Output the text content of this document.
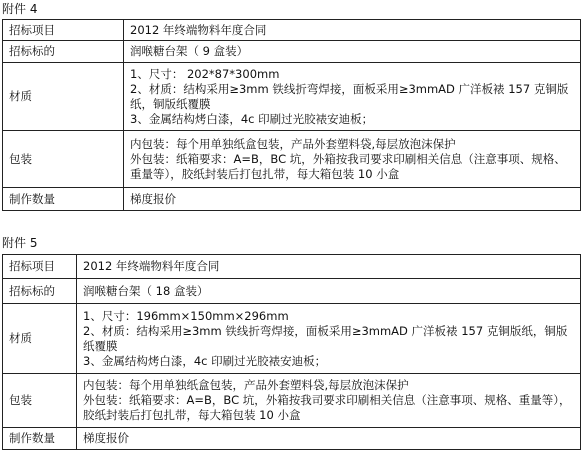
附件 4
招标项目	2012 年终端物料年度合同

招标标的	润喉糖台架（ 9 盒装）

材质	1、尺寸： 202*87*300mm
2、材质：结构采用≥3mm 铁线折弯焊接，面板采用≥3mmAD 广洋板裱 157 克铜版纸，铜版纸覆膜
3、金属结构烤白漆，4c 印刷过光胶裱安迪板；

包装	内包装：每个用单独纸盒包装，产品外套塑料袋,每层放泡沫保护
外包装：纸箱要求：A=B，BC 坑，外箱按我司要求印刷相关信息（注意事项、规格、重量等），胶纸封装后打包扎带，每大箱包装 10 小盒

制作数量	梯度报价
附件 5
招标项目	2012 年终端物料年度合同

招标标的	润喉糖台架（ 18 盒装）

材质	1、尺寸：196mm×150mm×296mm
2、材质：结构采用≥3mm 铁线折弯焊接，面板采用≥3mmAD 广洋板裱 157 克铜版纸，铜版纸覆膜
3、金属结构烤白漆，4c 印刷过光胶裱安迪板；

包装	内包装：每个用单独纸盒包装，产品外套塑料袋,每层放泡沫保护
外包装：纸箱要求：A=B，BC 坑，外箱按我司要求印刷相关信息（注意事项、规格、重量等），胶纸封装后打包扎带，每大箱包装 10 小盒

制作数量	梯度报价
